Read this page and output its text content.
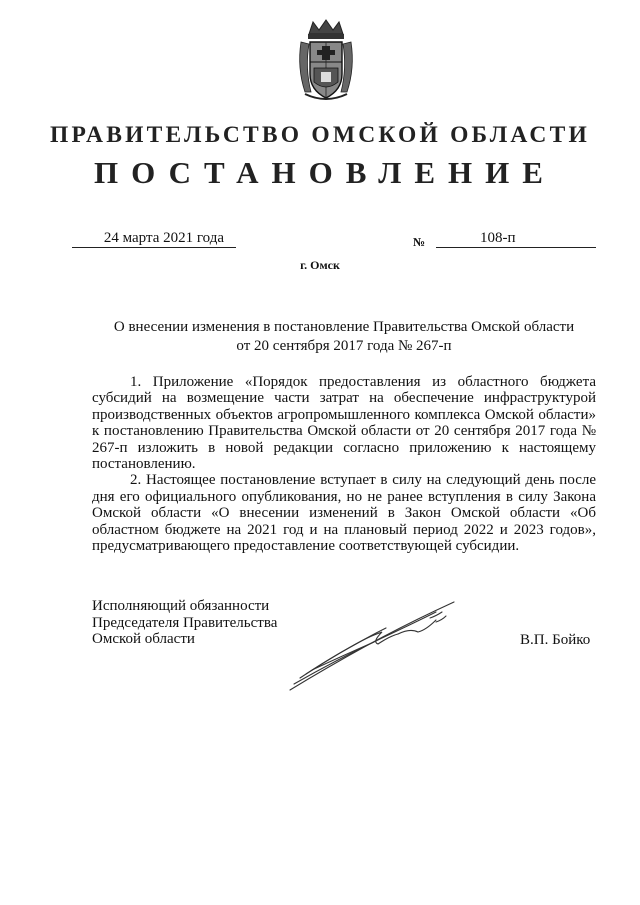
ПРАВИТЕЛЬСТВО ОМСКОЙ ОБЛАСТИ
ПОСТАНОВЛЕНИЕ
24 марта 2021 года	№	108-п
г. Омск
О внесении изменения в постановление Правительства Омской области
от 20 сентября 2017 года № 267-п

1. Приложение «Порядок предоставления из областного бюджета субсидий на возмещение части затрат на обеспечение инфраструктурой производственных объектов агропромышленного комплекса Омской области» к постановлению Правительства Омской области от 20 сентября 2017 года № 267-п изложить в новой редакции согласно приложению к настоящему постановлению.

2. Настоящее постановление вступает в силу на следующий день после дня его официального опубликования, но не ранее вступления в силу Закона Омской области «О внесении изменений в Закон Омской области «Об областном бюджете на 2021 год и на плановый период 2022 и 2023 годов», предусматривающего предоставление соответствующей субсидии.

Исполняющий обязанности
Председателя Правительства
Омской области	В.П. Бойко
